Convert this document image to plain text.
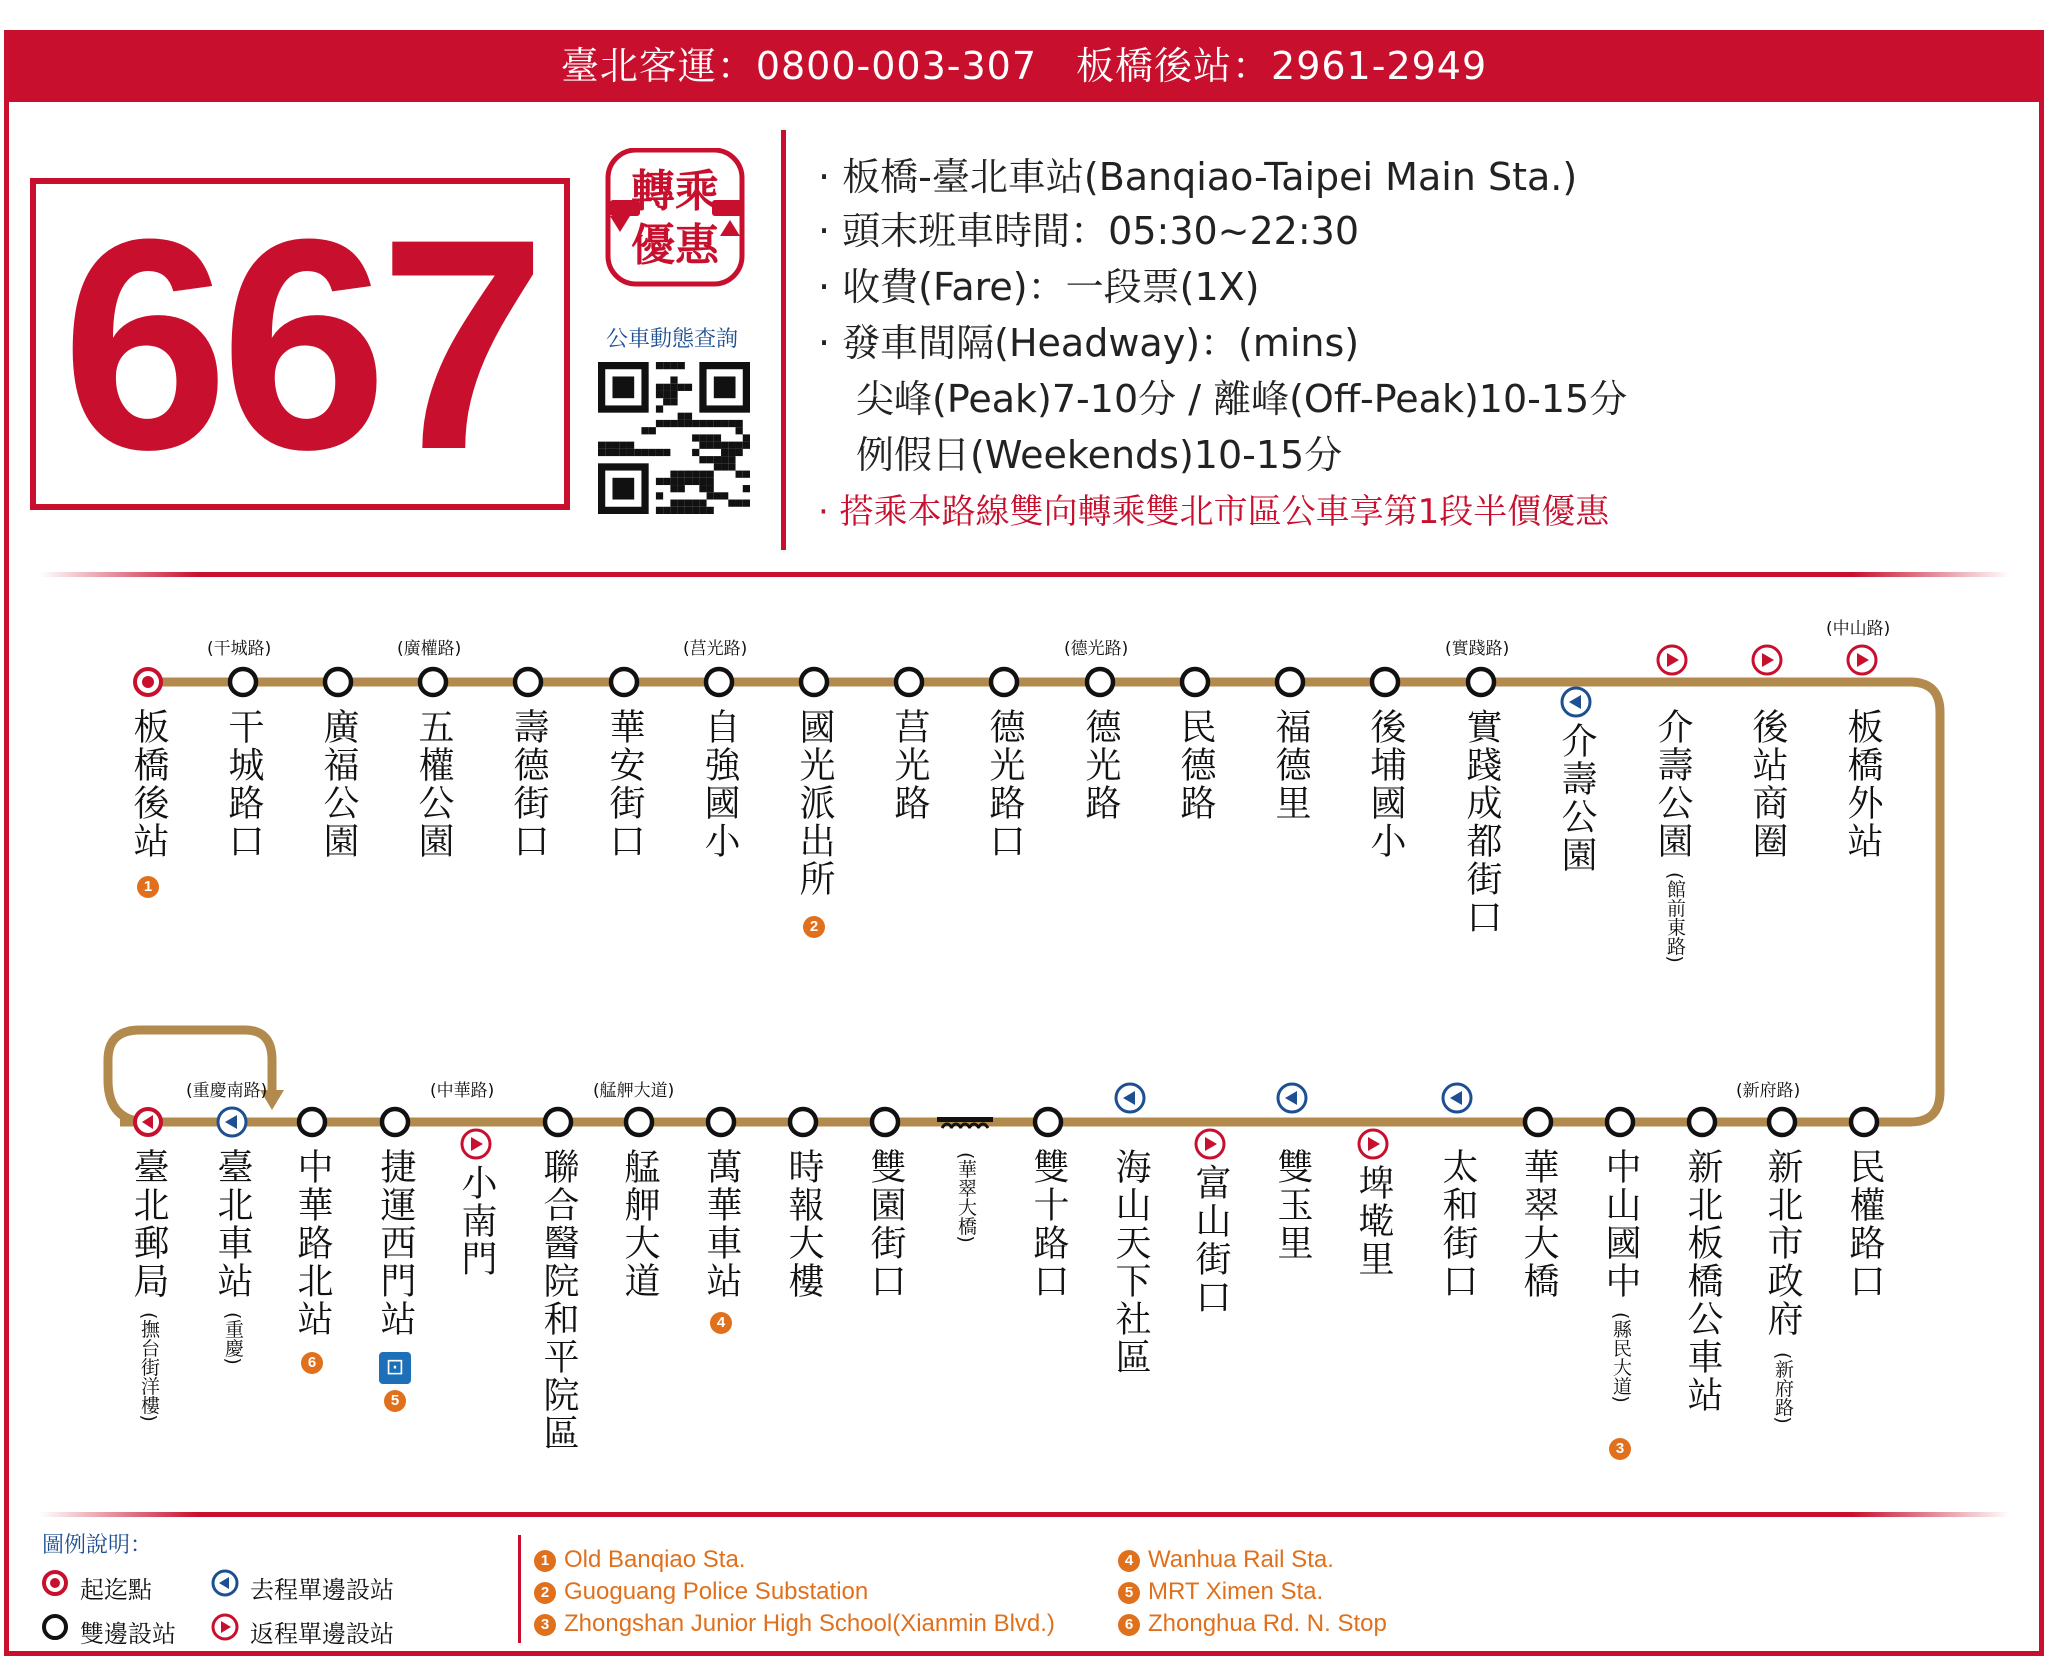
臺北客運：0800-003-307　板橋後站：2961-2949
667	轉乘
優惠
公車動態查詢
· 板橋-臺北車站(Banqiao-Taipei Main Sta.)
· 頭末班車時間：05:30~22:30
· 收費(Fare)：一段票(1X)
· 發車間隔(Headway)：(mins)
　尖峰(Peak)7-10分 / 離峰(Off-Peak)10-15分
　例假日(Weekends)10-15分
· 搭乘本路線雙向轉乘雙北市區公車享第1段半價優惠
板橋後站
1
干城路口
(干城路)
廣福公園 五權公園
(廣權路)
壽德街口 華安街口 自強國小
(莒光路)
國光派出所
2
莒光路 德光路口 德光路
(德光路)
民德路 福德里 後埔國小 實踐成都街口
(實踐路)
介壽公園 介壽公園
(館前東路)
後站商圈 板橋外站
(中山路)
臺北郵局
(撫台街洋樓)
臺北車站
(重慶南路)
(重慶)
中華路北站
6
捷運西門站
⊡
5
小南門
(中華路)
聯合醫院和平院區 艋舺大道
(艋舺大道)
萬華車站
4
時報大樓 雙園街口	(華翠大橋) 雙十路口 海山天下社區 富山街口 雙玉里 埤墘里 太和街口 華翠大橋 中山國中
(縣民大道)
3
新北板橋公車站 新北市政府
(新府路)
(新府路)
民權路口
圖例說明：
起迄點
雙邊設站
去程單邊設站
返程單邊設站
1 Old Banqiao Sta.
2 Guoguang Police Substation
3 Zhongshan Junior High School(Xianmin Blvd.)
4 Wanhua Rail Sta.
5 MRT Ximen Sta.
6 Zhonghua Rd. N. Stop
